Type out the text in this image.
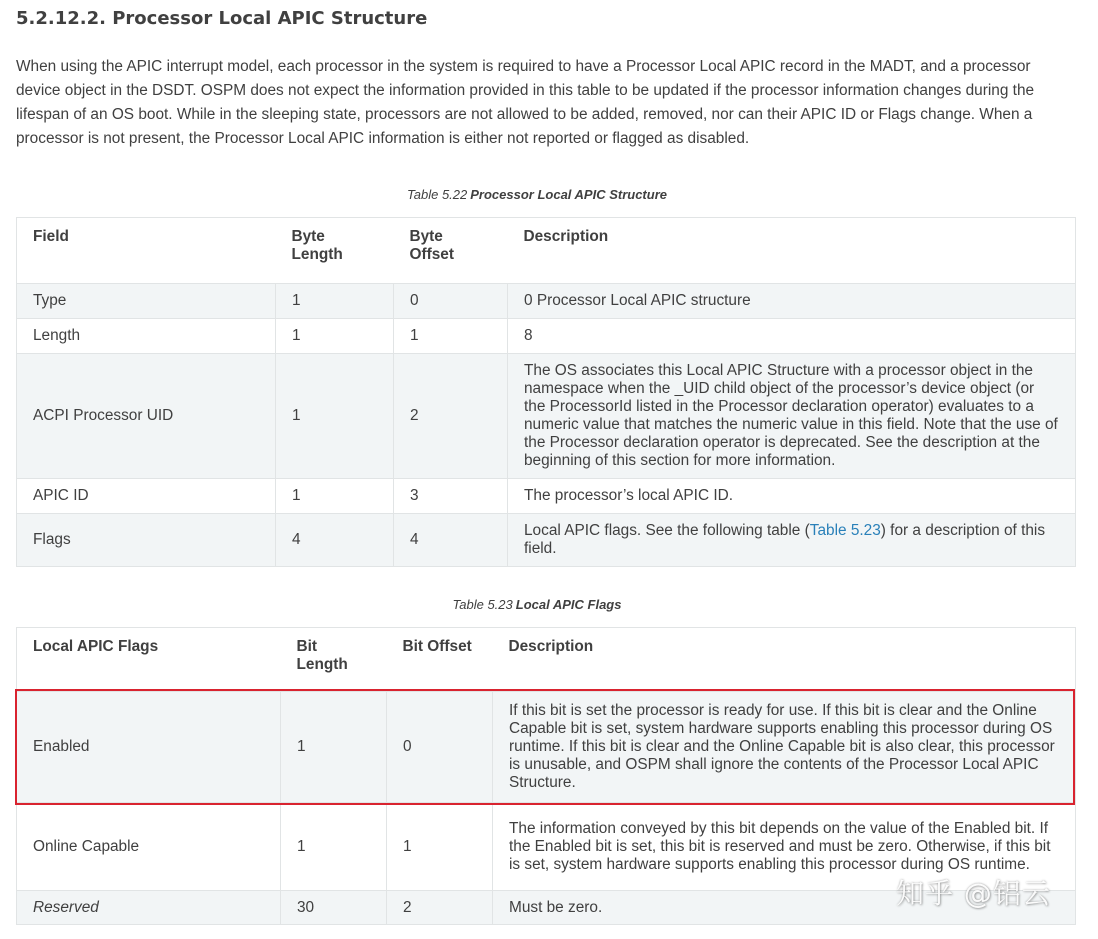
5.2.12.2. Processor Local APIC Structure

When using the APIC interrupt model, each processor in the system is required to have a Processor Local APIC record in the MADT, and a processor device object in the DSDT. OSPM does not expect the information provided in this table to be updated if the processor information changes during the lifespan of an OS boot. While in the sleeping state, processors are not allowed to be added, removed, nor can their APIC ID or Flags change. When a processor is not present, the Processor Local APIC information is either not reported or flagged as disabled.

Table 5.22 Processor Local APIC Structure
Field	Byte Length	Byte Offset	Description
Type	1	0	0 Processor Local APIC structure
Length	1	1	8
ACPI Processor UID	1	2	The OS associates this Local APIC Structure with a processor object in the namespace when the _UID child object of the processor’s device object (or the ProcessorId listed in the Processor declaration operator) evaluates to a numeric value that matches the numeric value in this field. Note that the use of the Processor declaration operator is deprecated. See the description at the beginning of this section for more information.
APIC ID	1	3	The processor’s local APIC ID.
Flags	4	4	Local APIC flags. See the following table (Table 5.23) for a description of this field.
Table 5.23 Local APIC Flags
Local APIC Flags	Bit Length	Bit Offset	Description
Enabled	1	0	If this bit is set the processor is ready for use. If this bit is clear and the Online Capable bit is set, system hardware supports enabling this processor during OS runtime. If this bit is clear and the Online Capable bit is also clear, this processor is unusable, and OSPM shall ignore the contents of the Processor Local APIC Structure.
Online Capable	1	1	The information conveyed by this bit depends on the value of the Enabled bit. If the Enabled bit is set, this bit is reserved and must be zero. Otherwise, if this bit is set, system hardware supports enabling this processor during OS runtime.
Reserved	30	2	Must be zero.	知乎 @铝云
